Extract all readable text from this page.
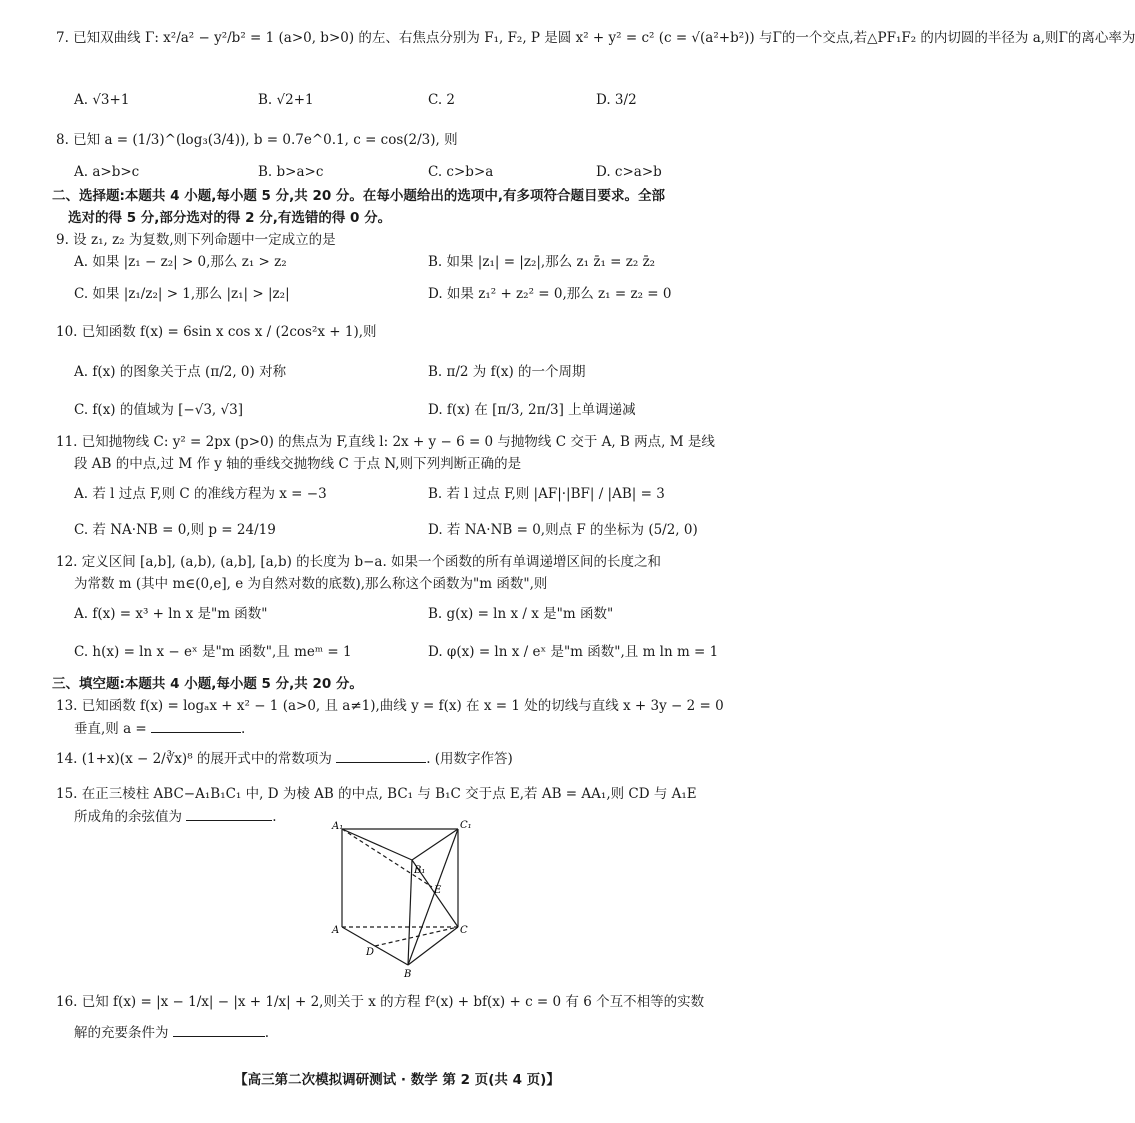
7. 已知双曲线 Γ: x²/a² − y²/b² = 1 (a>0, b>0) 的左、右焦点分别为 F₁, F₂, P 是圆 x² + y² = c² (c = √(a²+b²)) 与Γ的一个交点,若△PF₁F₂ 的内切圆的半径为 a,则Γ的离心率为
A. √3+1	B. √2+1	C. 2	D. 3/2
8. 已知 a = (1/3)^(log₃(3/4)), b = 0.7e^0.1, c = cos(2/3), 则
A. a>b>c	B. b>a>c	C. c>b>a	D. c>a>b
二、选择题:本题共 4 小题,每小题 5 分,共 20 分。在每小题给出的选项中,有多项符合题目要求。全部
选对的得 5 分,部分选对的得 2 分,有选错的得 0 分。
9. 设 z₁, z₂ 为复数,则下列命题中一定成立的是
A. 如果 |z₁ − z₂| > 0,那么 z₁ > z₂	B. 如果 |z₁| = |z₂|,那么 z₁ z̄₁ = z₂ z̄₂
C. 如果 |z₁/z₂| > 1,那么 |z₁| > |z₂|	D. 如果 z₁² + z₂² = 0,那么 z₁ = z₂ = 0
10. 已知函数 f(x) = 6sin x cos x / (2cos²x + 1),则
A. f(x) 的图象关于点 (π/2, 0) 对称	B. π/2 为 f(x) 的一个周期
C. f(x) 的值域为 [−√3, √3]	D. f(x) 在 [π/3, 2π/3] 上单调递减
11. 已知抛物线 C: y² = 2px (p>0) 的焦点为 F,直线 l: 2x + y − 6 = 0 与抛物线 C 交于 A, B 两点, M 是线
段 AB 的中点,过 M 作 y 轴的垂线交抛物线 C 于点 N,则下列判断正确的是
A. 若 l 过点 F,则 C 的准线方程为 x = −3	B. 若 l 过点 F,则 |AF|·|BF| / |AB| = 3
C. 若 NA·NB = 0,则 p = 24/19	D. 若 NA·NB = 0,则点 F 的坐标为 (5/2, 0)
12. 定义区间 [a,b], (a,b), (a,b], [a,b) 的长度为 b−a. 如果一个函数的所有单调递增区间的长度之和
为常数 m (其中 m∈(0,e], e 为自然对数的底数),那么称这个函数为"m 函数",则
A. f(x) = x³ + ln x 是"m 函数"	B. g(x) = ln x / x 是"m 函数"
C. h(x) = ln x − eˣ 是"m 函数",且 meᵐ = 1	D. φ(x) = ln x / eˣ 是"m 函数",且 m ln m = 1
三、填空题:本题共 4 小题,每小题 5 分,共 20 分。
13. 已知函数 f(x) = logₐx + x² − 1 (a>0, 且 a≠1),曲线 y = f(x) 在 x = 1 处的切线与直线 x + 3y − 2 = 0
垂直,则 a =	.
14. (1+x)(x − 2/∛x)⁸ 的展开式中的常数项为	. (用数字作答)
15. 在正三棱柱 ABC−A₁B₁C₁ 中, D 为棱 AB 的中点, BC₁ 与 B₁C 交于点 E,若 AB = AA₁,则 CD 与 A₁E
所成角的余弦值为	.
A₁	C₁
B₁
E
A	C
D
B
16. 已知 f(x) = |x − 1/x| − |x + 1/x| + 2,则关于 x 的方程 f²(x) + bf(x) + c = 0 有 6 个互不相等的实数
解的充要条件为	.
【高三第二次模拟调研测试 · 数学 第 2 页(共 4 页)】
